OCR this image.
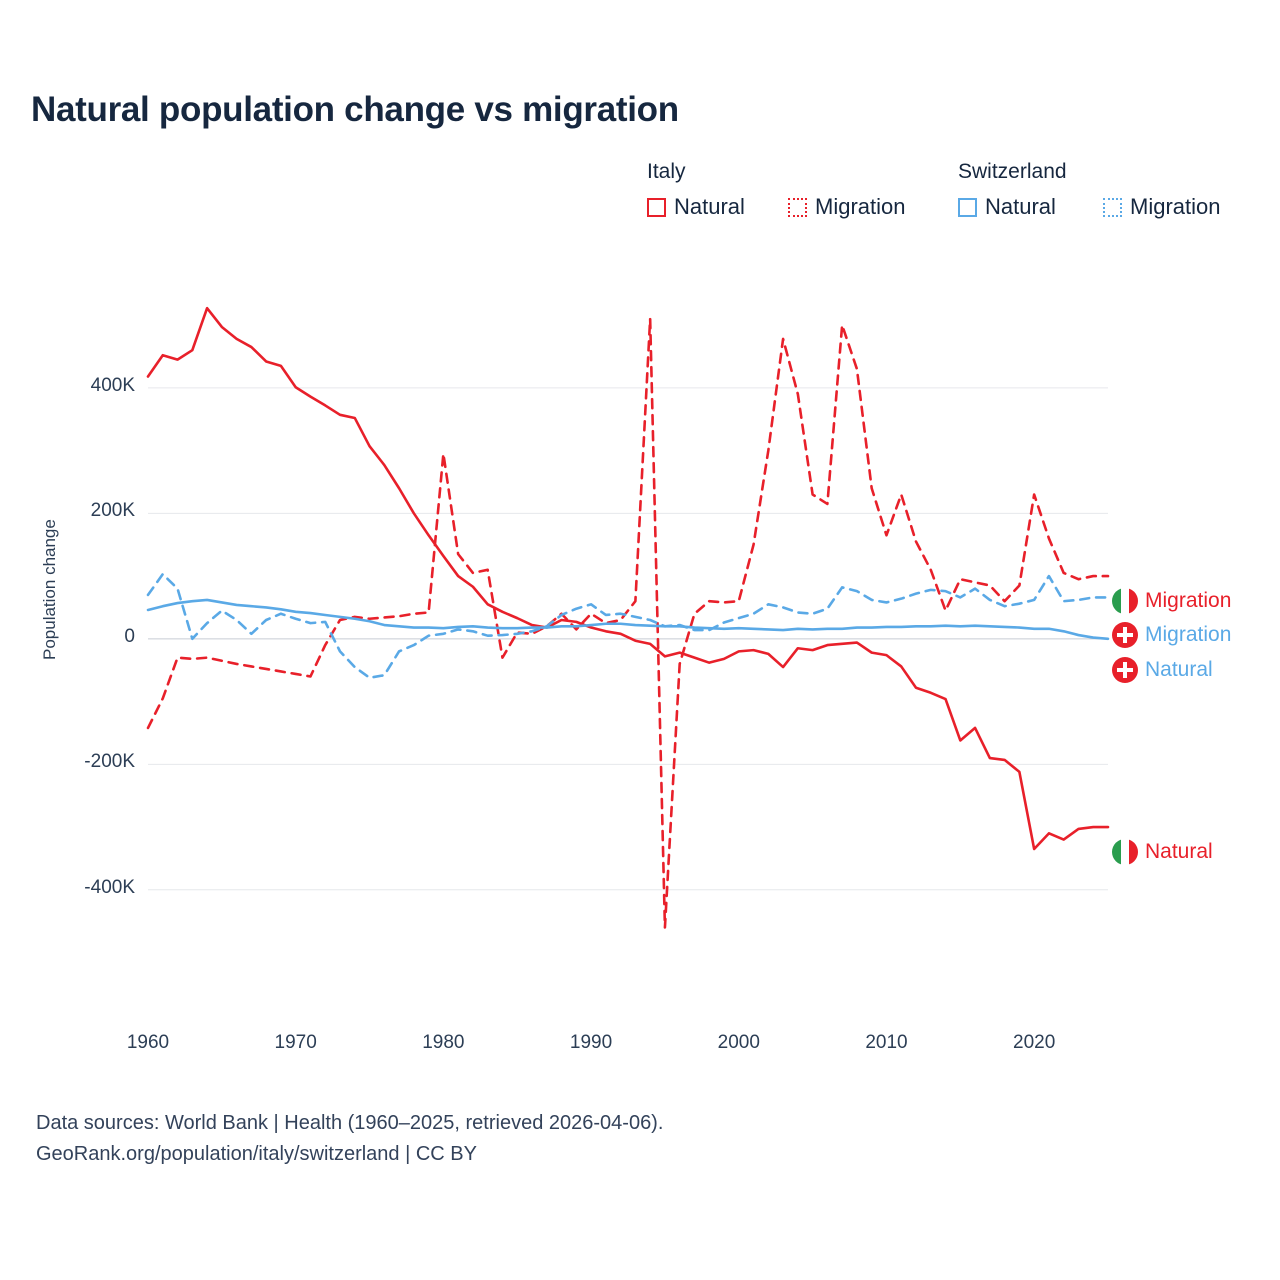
Natural population change vs migration
Italy	Switzerland
Natural	Migration	Natural	Migration
Population change
-400K
-200K
0
200K
400K
1960	1970	1980	1990	2000	2010	2020
Migration
Migration
Natural
Natural
Data sources: World Bank | Health (1960–2025, retrieved 2026-04-06).
GeoRank.org/population/italy/switzerland | CC BY
